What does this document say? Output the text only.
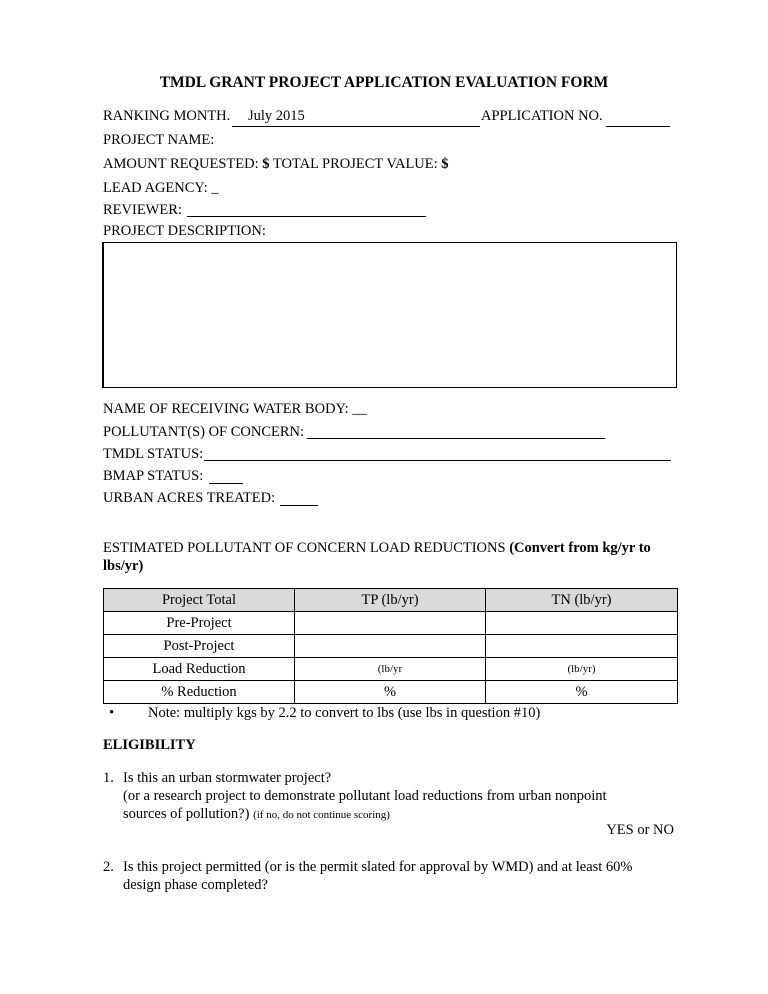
TMDL GRANT PROJECT APPLICATION EVALUATION FORM
RANKING MONTH. July 2015	APPLICATION NO.
PROJECT NAME:
AMOUNT REQUESTED: $ TOTAL PROJECT VALUE: $
LEAD AGENCY: _
REVIEWER:
PROJECT DESCRIPTION:
NAME OF RECEIVING WATER BODY: __
POLLUTANT(S) OF CONCERN:
TMDL STATUS:
BMAP STATUS:
URBAN ACRES TREATED:
ESTIMATED POLLUTANT OF CONCERN LOAD REDUCTIONS (Convert from kg/yr to
lbs/yr)
Project Total	TP (lb/yr)	TN (lb/yr)
Pre-Project		
Post-Project		
Load Reduction	(lb/yr	(lb/yr)
% Reduction	%	%
• Note: multiply kgs by 2.2 to convert to lbs (use lbs in question #10)
ELIGIBILITY
1. Is this an urban stormwater project?
(or a research project to demonstrate pollutant load reductions from urban nonpoint
sources of pollution?) (if no, do not continue scoring)
YES or NO
2. Is this project permitted (or is the permit slated for approval by WMD) and at least 60%
design phase completed?
